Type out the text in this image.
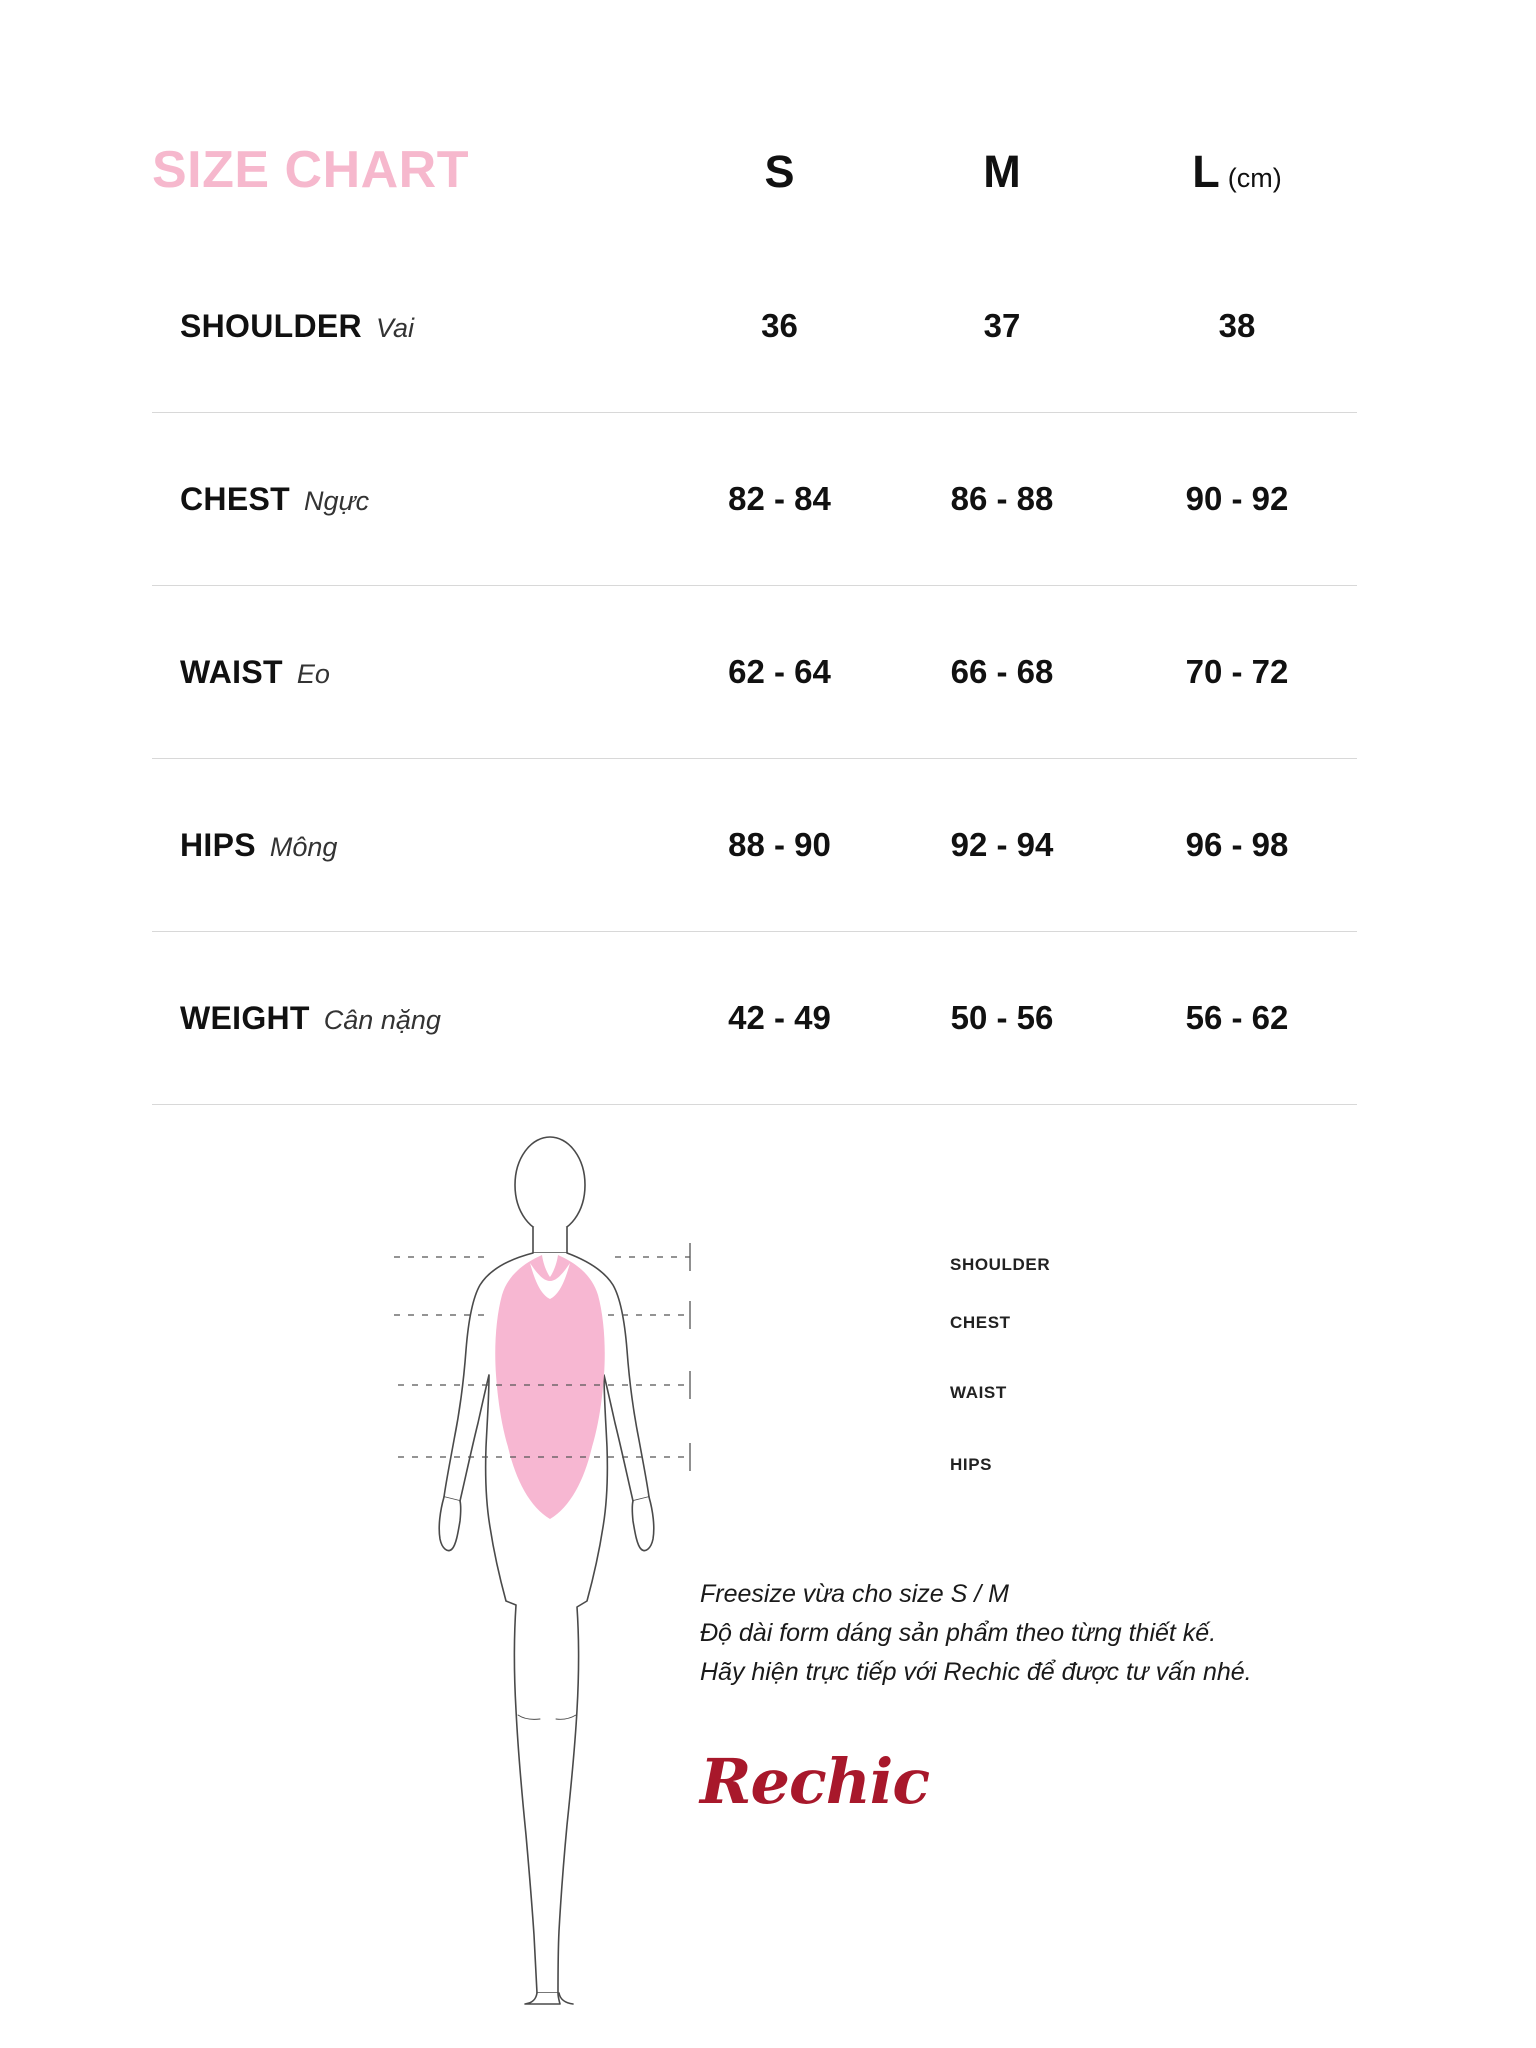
SIZE CHART	S	M	L (cm)
SHOULDER Vai	36	37	38
CHEST Ngực	82 - 84	86 - 88	90 - 92
WAIST Eo	62 - 64	66 - 68	70 - 72
HIPS Mông	88 - 90	92 - 94	96 - 98
WEIGHT Cân nặng	42 - 49	50 - 56	56 - 62
SHOULDER
CHEST
WAIST
HIPS
Freesize vừa cho size S / M
Độ dài form dáng sản phẩm theo từng thiết kế.
Hãy hiện trực tiếp với Rechic để được tư vấn nhé.
Rechic
